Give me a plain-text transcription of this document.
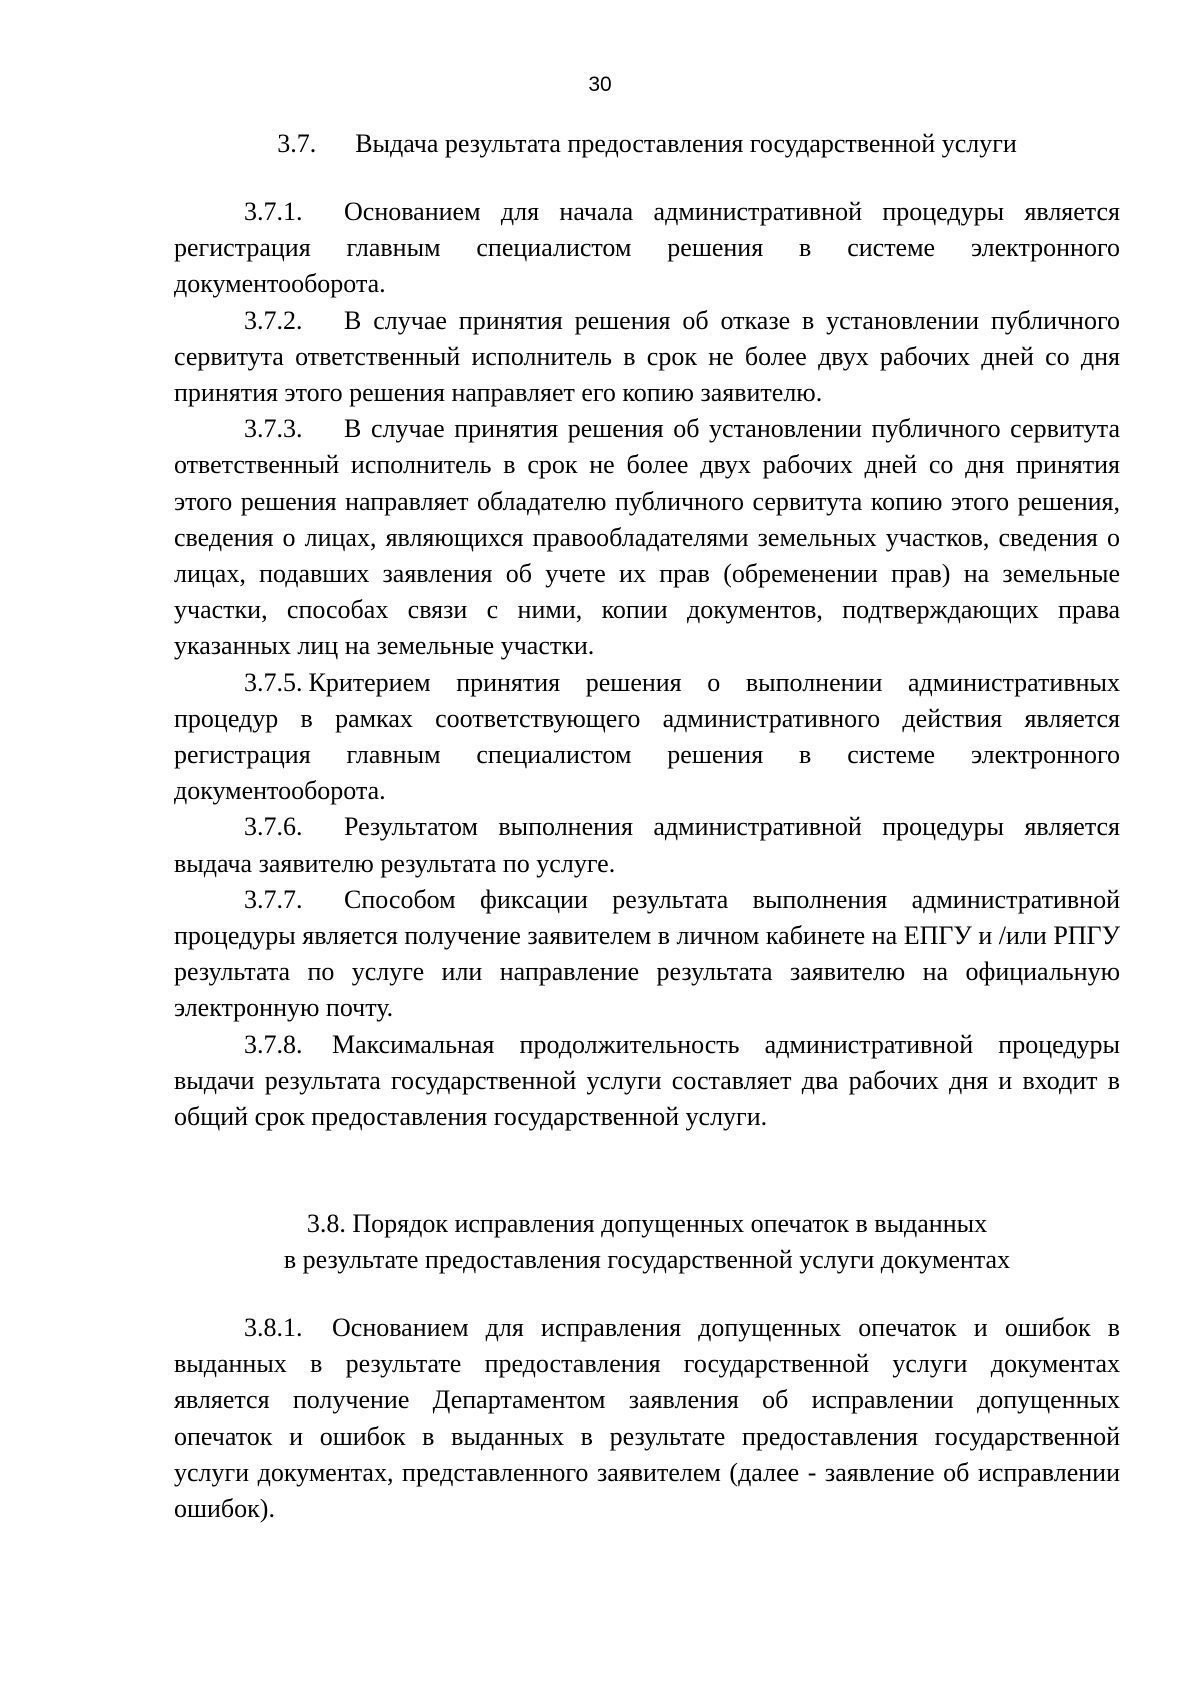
30
3.7. Выдача результата предоставления государственной услуги

3.7.1. Основанием для начала административной процедуры является регистрация главным специалистом решения в системе электронного документооборота.

3.7.2. В случае принятия решения об отказе в установлении публичного сервитута ответственный исполнитель в срок не более двух рабочих дней со дня принятия этого решения направляет его копию заявителю.

3.7.3. В случае принятия решения об установлении публичного сервитута ответственный исполнитель в срок не более двух рабочих дней со дня принятия этого решения направляет обладателю публичного сервитута копию этого решения, сведения о лицах, являющихся правообладателями земельных участков, сведения о лицах, подавших заявления об учете их прав (обременении прав) на земельные участки, способах связи с ними, копии документов, подтверждающих права указанных лиц на земельные участки.

3.7.5. Критерием принятия решения о выполнении административных процедур в рамках соответствующего административного действия является регистрация главным специалистом решения в системе электронного документооборота.

3.7.6. Результатом выполнения административной процедуры является выдача заявителю результата по услуге.

3.7.7. Способом фиксации результата выполнения административной процедуры является получение заявителем в личном кабинете на ЕПГУ и /или РПГУ результата по услуге или направление результата заявителю на официальную электронную почту.

3.7.8. Максимальная продолжительность административной процедуры выдачи результата государственной услуги составляет два рабочих дня и входит в общий срок предоставления государственной услуги.

3.8. Порядок исправления допущенных опечаток в выданных
в результате предоставления государственной услуги документах

3.8.1. Основанием для исправления допущенных опечаток и ошибок в выданных в результате предоставления государственной услуги документах является получение Департаментом заявления об исправлении допущенных опечаток и ошибок в выданных в результате предоставления государственной услуги документах, представленного заявителем (далее - заявление об исправлении ошибок).
